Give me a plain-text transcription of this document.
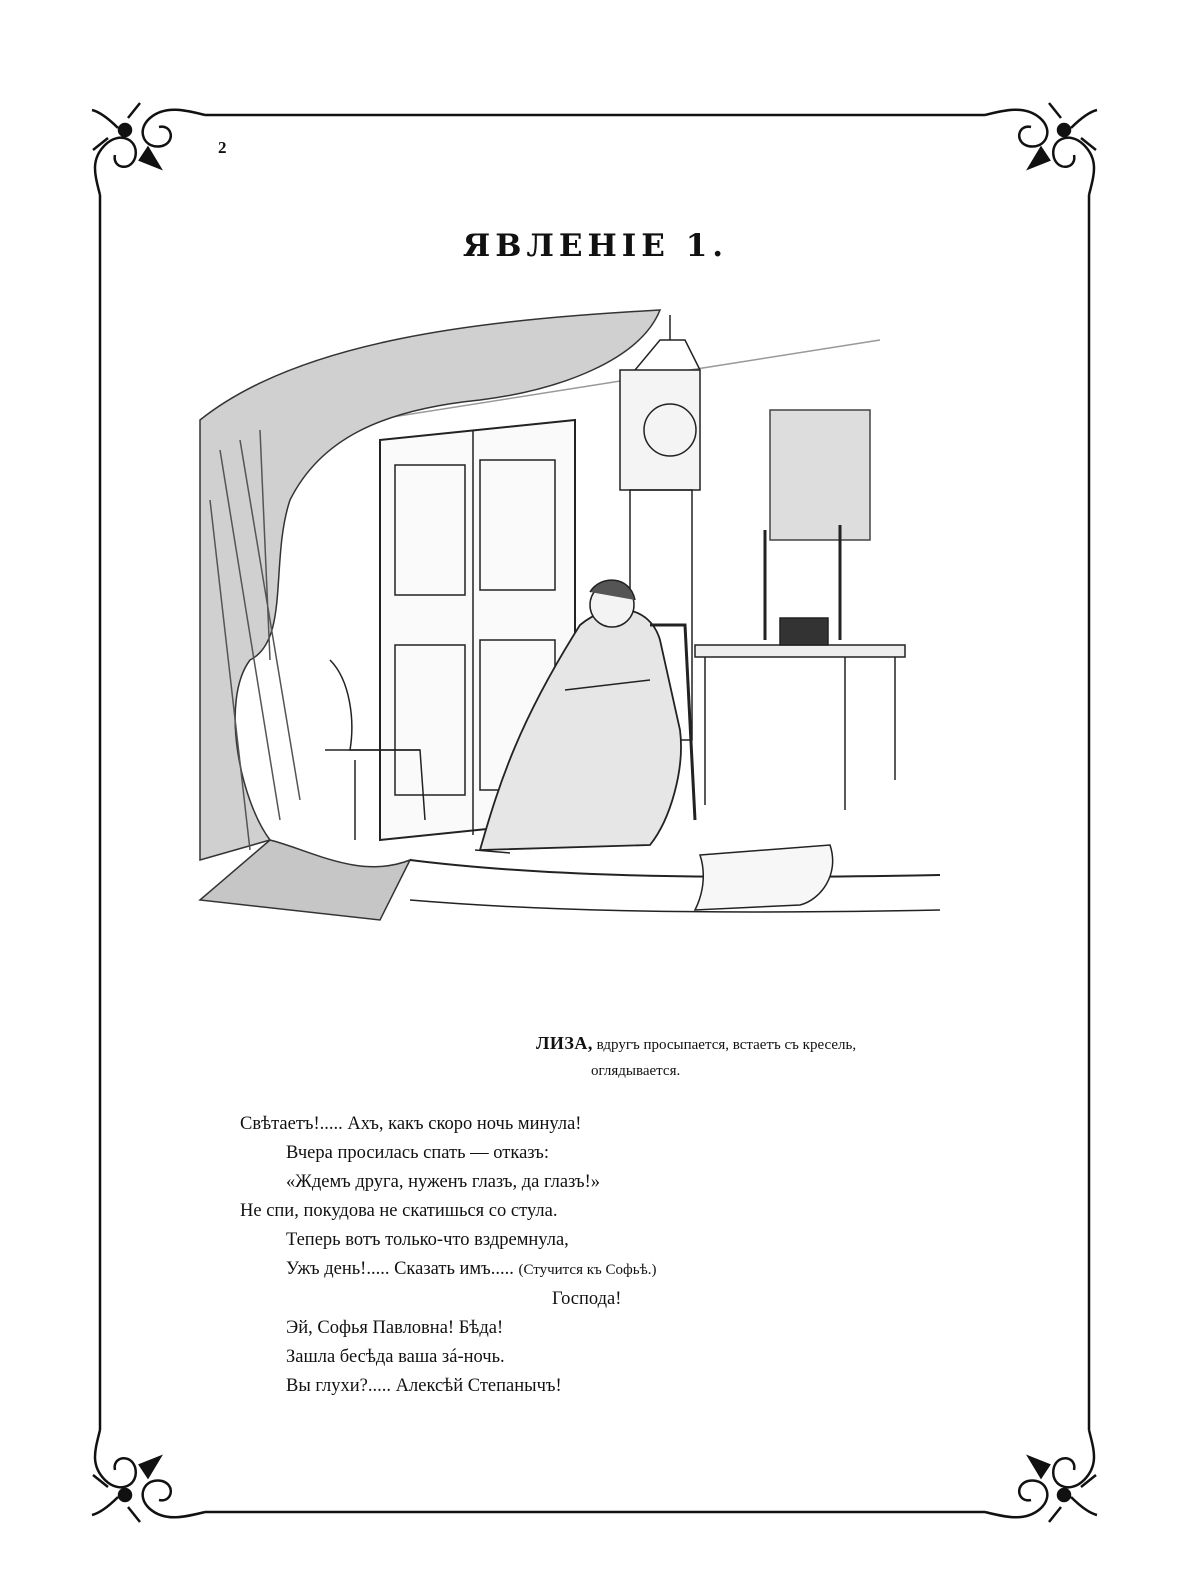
2
ЯВЛЕНІЕ 1.
ЛИЗА, вдругъ просыпается, встаетъ съ кресель,
оглядывается.
Свѣтаетъ!..... Ахъ, какъ скоро ночь минула!
Вчера просилась спать — отказъ:
«Ждемъ друга, нуженъ глазъ, да глазъ!»
Не спи, покудова не скатишься со стула.
Теперь вотъ только-что вздремнула,
Ужъ день!..... Сказать имъ..... (Стучится къ Софьѣ.)
Господа!
Эй, Софья Павловна! Бѣда!
Зашла бесѣда ваша зá-ночь.
Вы глухи?..... Алексѣй Степанычъ!
